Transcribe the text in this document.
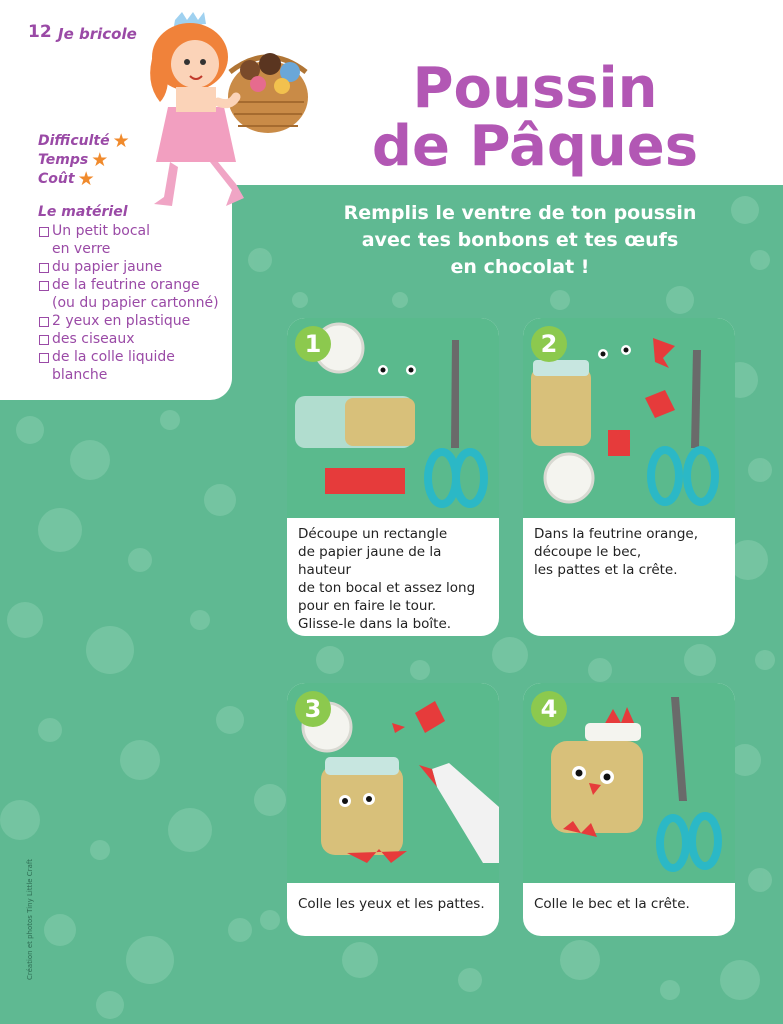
12 Je bricole
Poussin
de Pâques
Difficulté ★
Temps ★
Coût ★
Le matériel
Un petit bocal
en verre
du papier jaune
de la feutrine orange
(ou du papier cartonné)
2 yeux en plastique
des ciseaux
de la colle liquide
blanche
Remplis le ventre de ton poussin
avec tes bonbons et tes œufs
en chocolat !
1
Découpe un rectangle
de papier jaune de la hauteur
de ton bocal et assez long
pour en faire le tour.
Glisse-le dans la boîte.
2
Dans la feutrine orange,
découpe le bec,
les pattes et la crête.
3
Colle les yeux et les pattes.
4
Colle le bec et la crête.
Création et photos Tiny Little Craft
